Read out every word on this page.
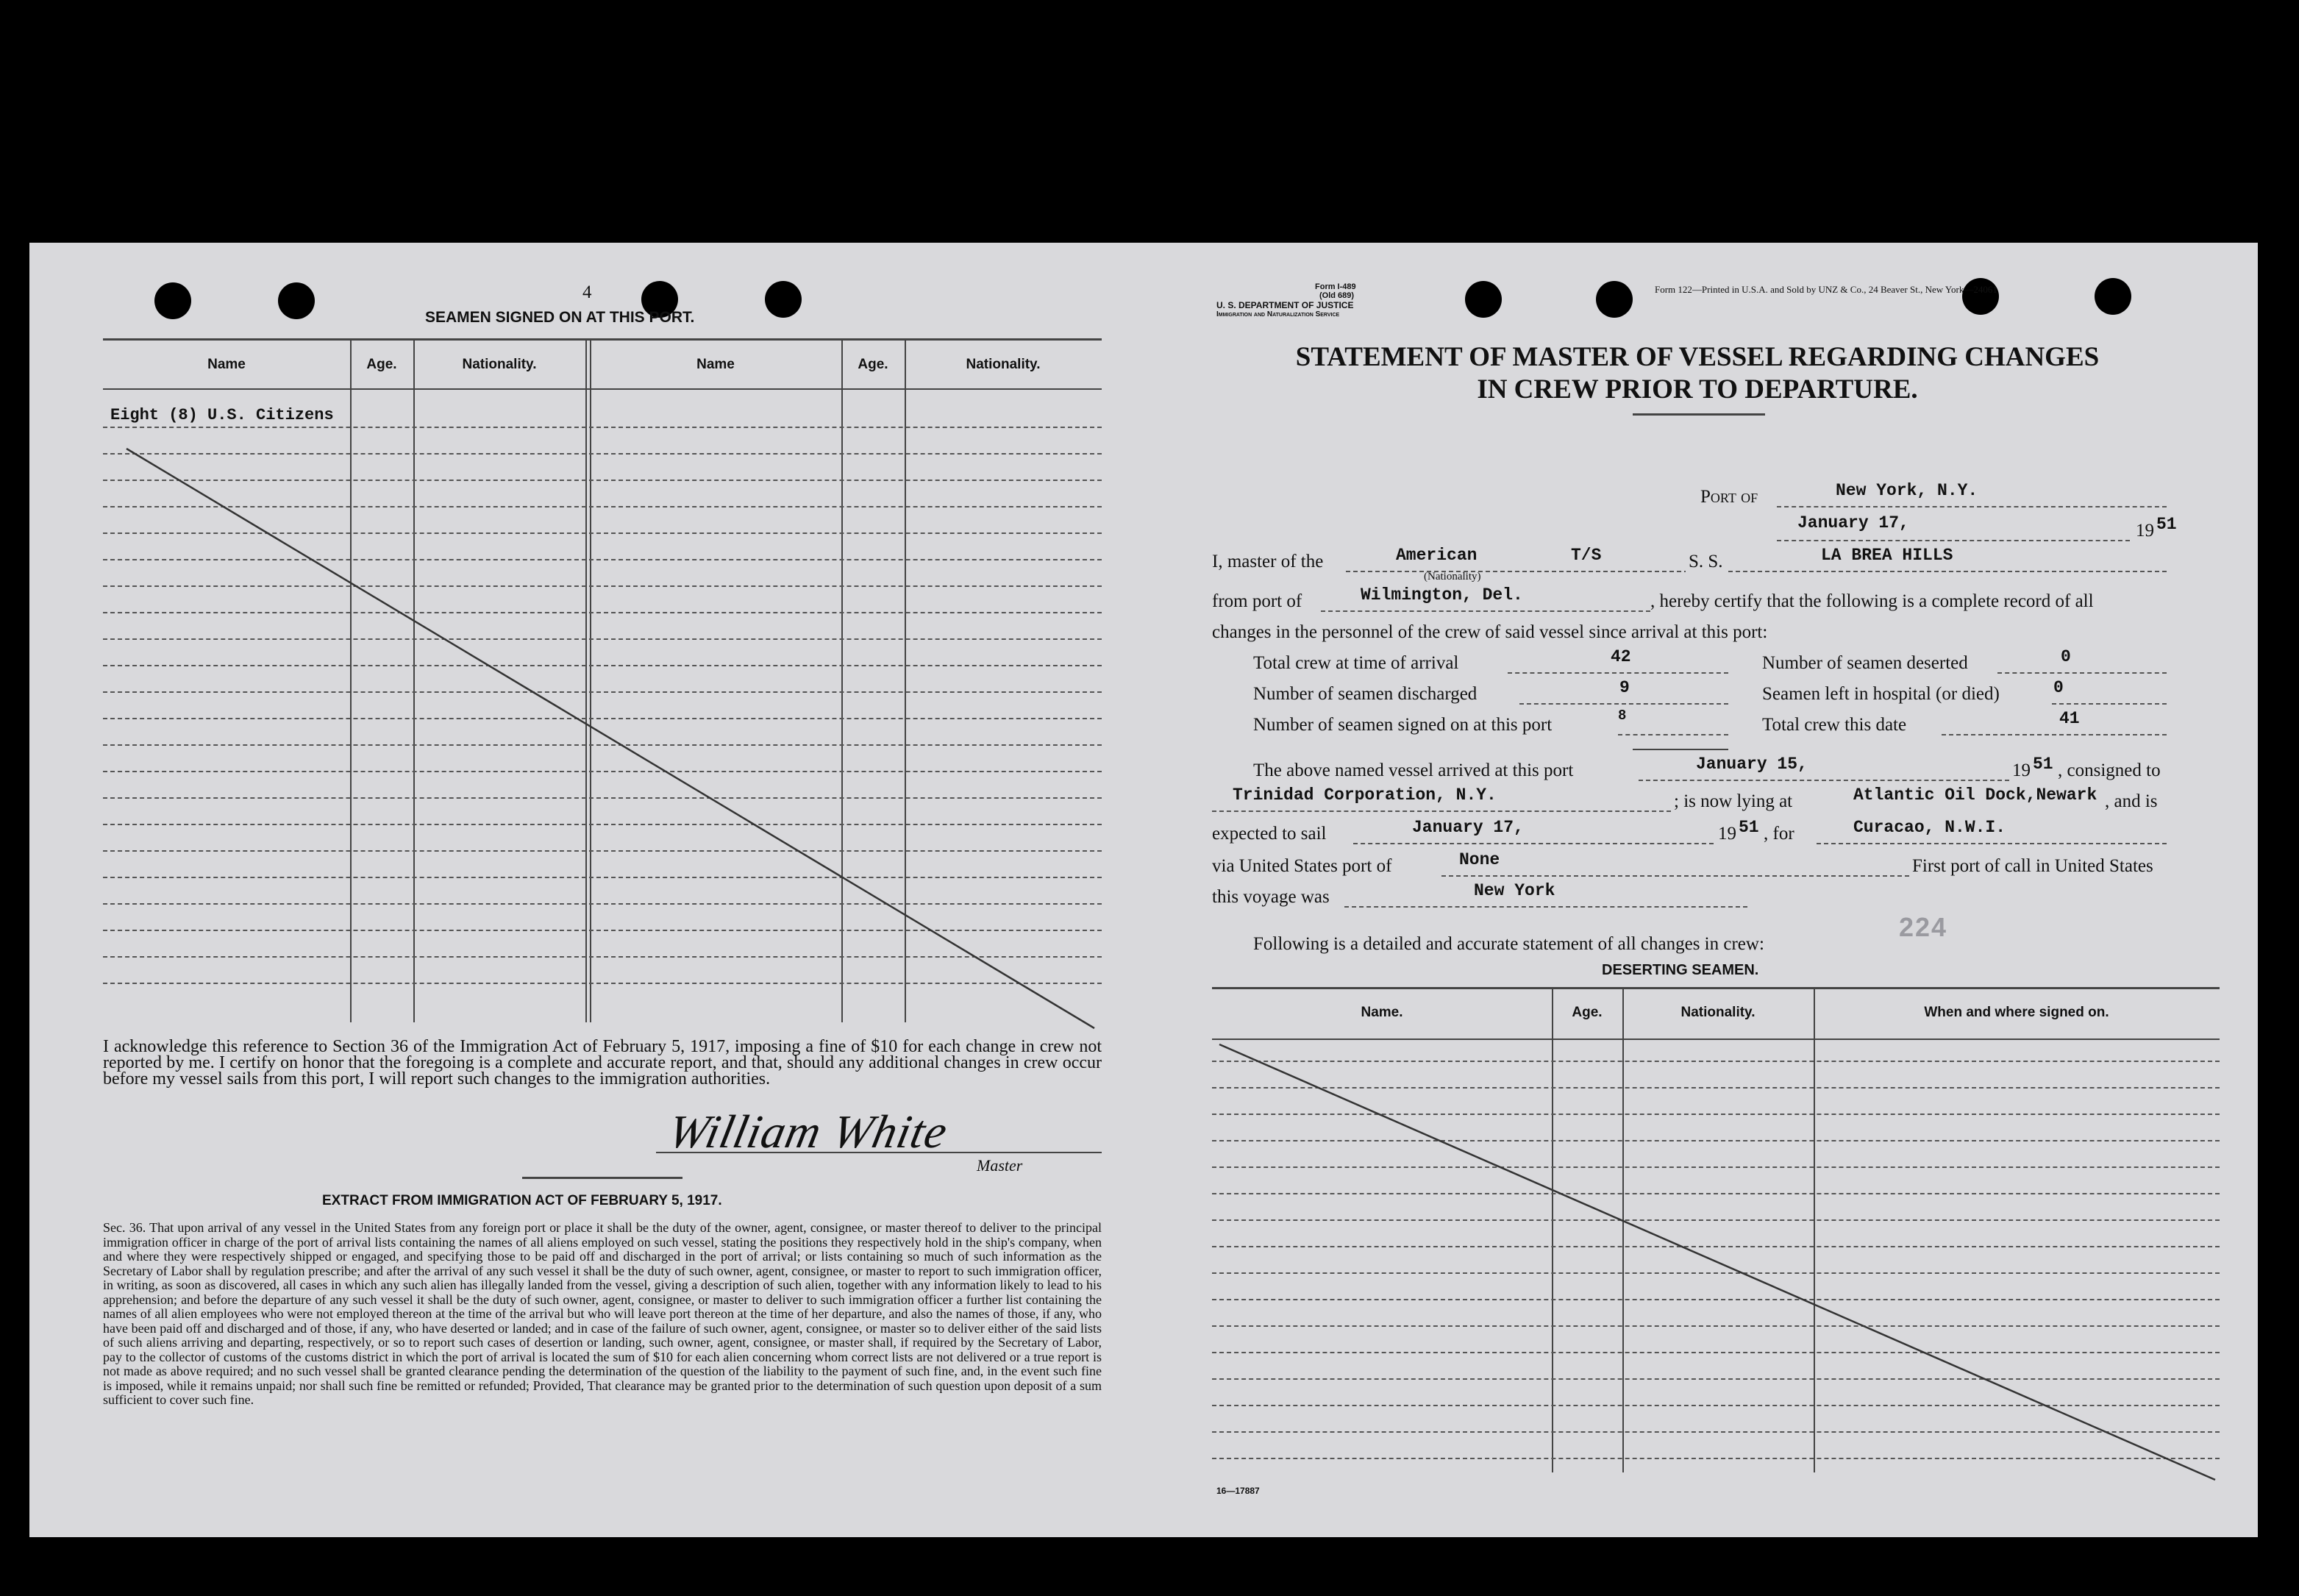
4
SEAMEN SIGNED ON AT THIS PORT.
Name	Age.	Nationality.	Name	Age.	Nationality.
Eight (8) U.S. Citizens
I acknowledge this reference to Section 36 of the Immigration Act of February 5, 1917, imposing a fine of $10 for each change in crew not reported by me. I certify on honor that the foregoing is a complete and accurate report, and that, should any additional changes in crew occur before my vessel sails from this port, I will report such changes to the immigration authorities.
William White
Master
EXTRACT FROM IMMIGRATION ACT OF FEBRUARY 5, 1917.
Sec. 36. That upon arrival of any vessel in the United States from any foreign port or place it shall be the duty of the owner, agent, consignee, or master thereof to deliver to the principal immigration officer in charge of the port of arrival lists containing the names of all aliens employed on such vessel, stating the positions they respectively hold in the ship's company, when and where they were respectively shipped or engaged, and specifying those to be paid off and discharged in the port of arrival; or lists containing so much of such information as the Secretary of Labor shall by regulation prescribe; and after the arrival of any such vessel it shall be the duty of such owner, agent, consignee, or master to report to such immigration officer, in writing, as soon as discovered, all cases in which any such alien has illegally landed from the vessel, giving a description of such alien, together with any information likely to lead to his apprehension; and before the departure of any such vessel it shall be the duty of such owner, agent, consignee, or master to deliver to such immigration officer a further list containing the names of all alien employees who were not employed thereon at the time of the arrival but who will leave port thereon at the time of her departure, and also the names of those, if any, who have been paid off and discharged and of those, if any, who have deserted or landed; and in case of the failure of such owner, agent, consignee, or master so to deliver either of the said lists of such aliens arriving and departing, respectively, or so to report such cases of desertion or landing, such owner, agent, consignee, or master shall, if required by the Secretary of Labor, pay to the collector of customs of the customs district in which the port of arrival is located the sum of $10 for each alien concerning whom correct lists are not delivered or a true report is not made as above required; and no such vessel shall be granted clearance pending the determination of the question of the liability to the payment of such fine, and, in the event such fine is imposed, while it remains unpaid; nor shall such fine be remitted or refunded; Provided, That clearance may be granted prior to the determination of such question upon deposit of a sum sufficient to cover such fine.
Form I-489
(Old 689)
U. S. DEPARTMENT OF JUSTICE
Immigration and Naturalization Service
Form 122—Printed in U.S.A. and Sold by UNZ & Co., 24 Beaver St., New York—24061
STATEMENT OF MASTER OF VESSEL REGARDING CHANGES
IN CREW PRIOR TO DEPARTURE.
Port of	New York, N.Y.
January 17,	19 51
I, master of the	American
(Nationality)
T/S	S. S.	LA BREA HILLS
from port of	Wilmington, Del.	, hereby certify that the following is a complete record of all
changes in the personnel of the crew of said vessel since arrival at this port:
Total crew at time of arrival	42	Number of seamen deserted	0
Number of seamen discharged	9	Seamen left in hospital (or died)	0
Number of seamen signed on at this port	8	Total crew this date	41
The above named vessel arrived at this port	January 15,	19 51 , consigned to
Trinidad Corporation, N.Y.	; is now lying at	Atlantic Oil Dock,Newark , and is
expected to sail	January 17,	19 51 , for	Curacao, N.W.I.
via United States port of	None	First port of call in United States
this voyage was	New York
224
Following is a detailed and accurate statement of all changes in crew:
DESERTING SEAMEN.
Name.	Age.	Nationality.	When and where signed on.
16—17887
